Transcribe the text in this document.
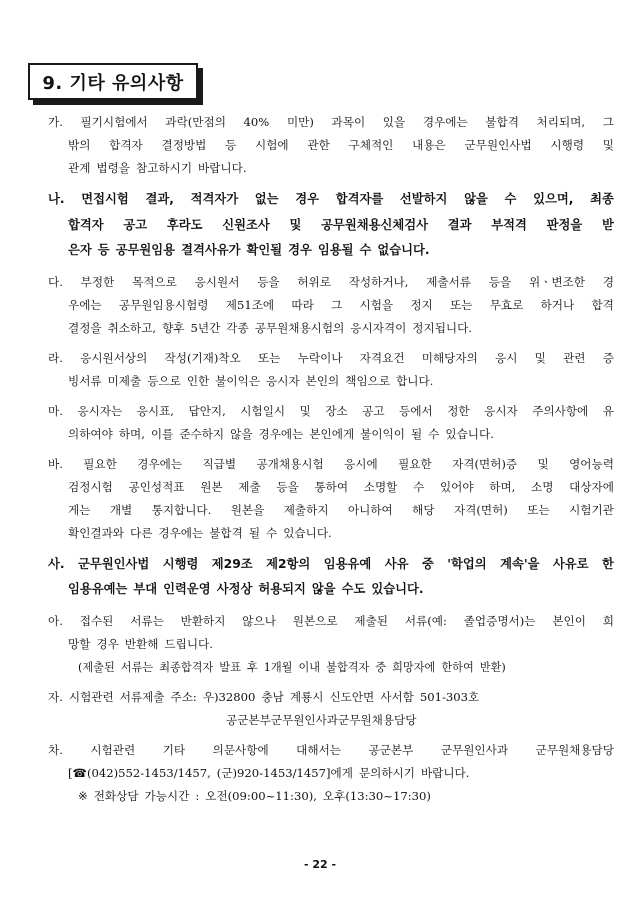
9. 기타 유의사항
가. 필기시험에서 과락(만점의 40% 미만) 과목이 있을 경우에는 불합격 처리되며, 그
밖의 합격자 결정방법 등 시험에 관한 구체적인 내용은 군무원인사법 시행령 및
관계 법령을 참고하시기 바랍니다.
나. 면접시험 결과, 적격자가 없는 경우 합격자를 선발하지 않을 수 있으며, 최종
합격자 공고 후라도 신원조사 및 공무원채용신체검사 결과 부적격 판정을 받
은자 등 공무원임용 결격사유가 확인될 경우 임용될 수 없습니다.
다. 부정한 목적으로 응시원서 등을 허위로 작성하거나, 제출서류 등을 위ㆍ변조한 경
우에는 공무원임용시험령 제51조에 따라 그 시험을 정지 또는 무효로 하거나 합격
결정을 취소하고, 향후 5년간 각종 공무원채용시험의 응시자격이 정지됩니다.
라. 응시원서상의 작성(기재)착오 또는 누락이나 자격요건 미해당자의 응시 및 관련 증
빙서류 미제출 등으로 인한 불이익은 응시자 본인의 책임으로 합니다.
마. 응시자는 응시표, 답안지, 시험일시 및 장소 공고 등에서 정한 응시자 주의사항에 유
의하여야 하며, 이를 준수하지 않을 경우에는 본인에게 불이익이 될 수 있습니다.
바. 필요한 경우에는 직급별 공개채용시험 응시에 필요한 자격(면허)증 및 영어능력
검정시험 공인성적표 원본 제출 등을 통하여 소명할 수 있어야 하며, 소명 대상자에
게는 개별 통지합니다. 원본을 제출하지 아니하여 해당 자격(면허) 또는 시험기관
확인결과와 다른 경우에는 불합격 될 수 있습니다.
사. 군무원인사법 시행령 제29조 제2항의 임용유예 사유 중 '학업의 계속'을 사유로 한
임용유예는 부대 인력운영 사정상 허용되지 않을 수도 있습니다.
아. 접수된 서류는 반환하지 않으나 원본으로 제출된 서류(예: 졸업증명서)는 본인이 희
망할 경우 반환해 드립니다.
(제출된 서류는 최종합격자 발표 후 1개월 이내 불합격자 중 희망자에 한하여 반환)
자. 시험관련 서류제출 주소: 우)32800 충남 계룡시 신도안면 사서함 501-303호
공군본부 군무원인사과 군무원채용담당
차. 시험관련 기타 의문사항에 대해서는 공군본부 군무원인사과 군무원채용담당
[☎(042)552-1453/1457, (군)920-1453/1457]에게 문의하시기 바랍니다.
※ 전화상담 가능시간 : 오전(09:00~11:30), 오후(13:30~17:30)
- 22 -
